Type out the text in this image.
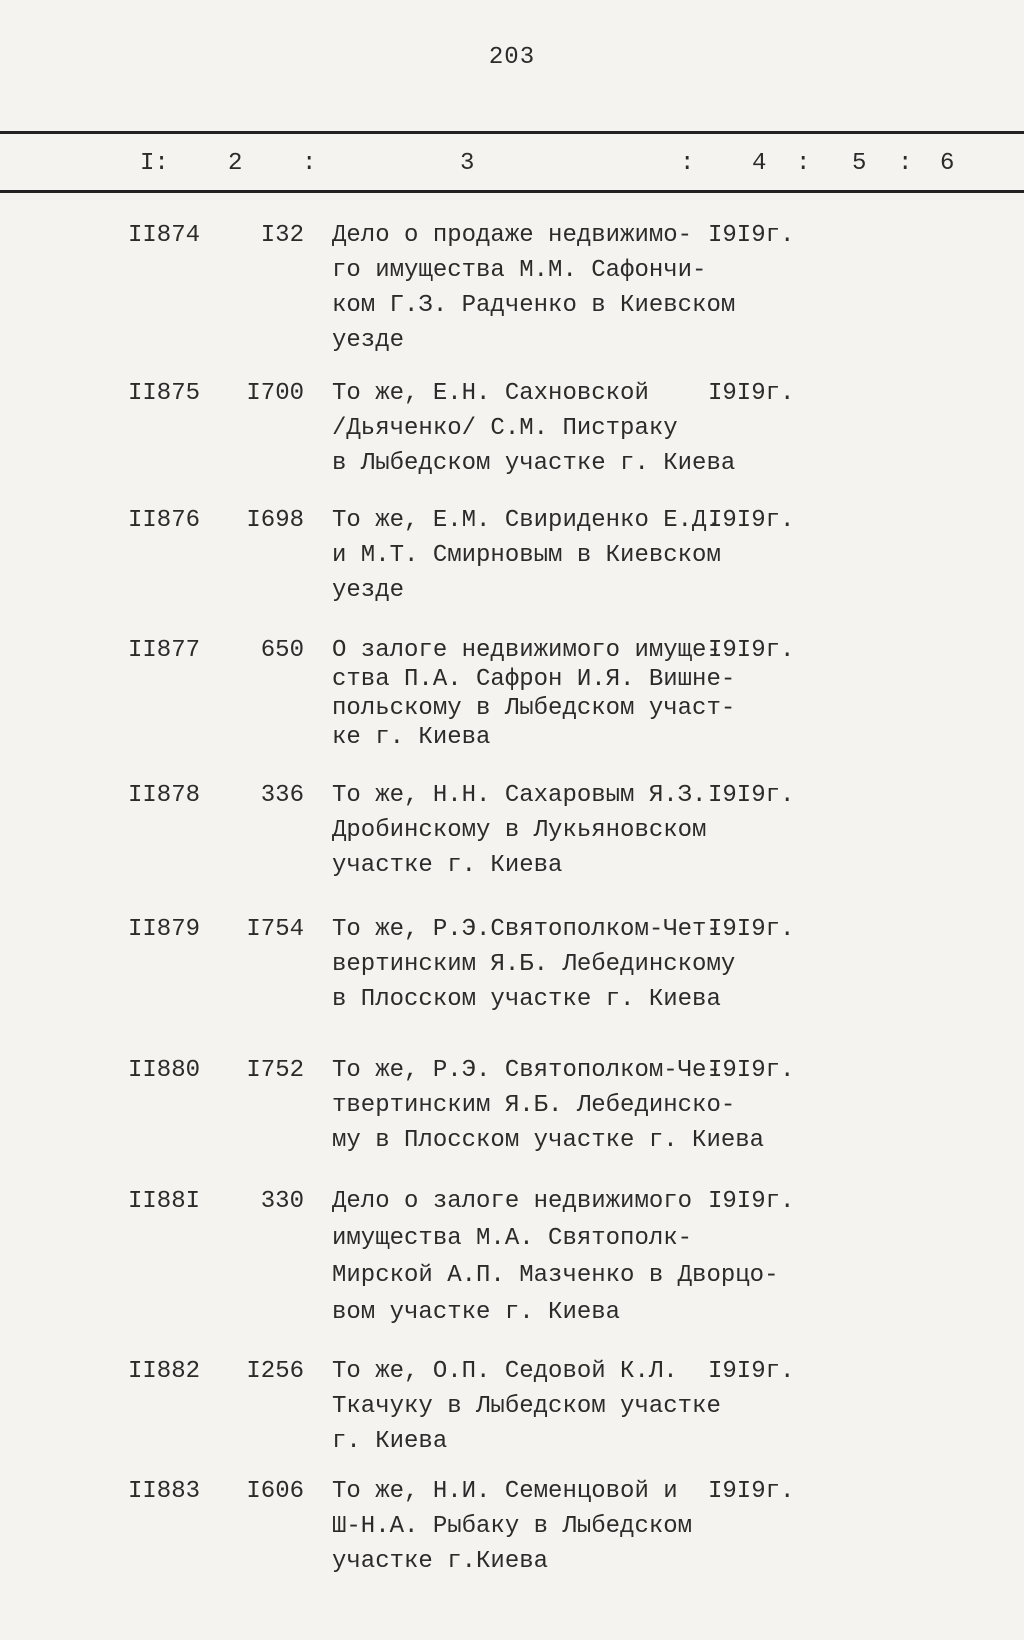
203
I: 2 :	3	: 4 : 5 : 6
II874	I32 Дело о продаже недвижимо-
го имущества М.М. Сафончи-
ком Г.З. Радченко в Киевском
уезде
I9I9г.
II875	I700 То же, Е.Н. Сахновской
/Дьяченко/ С.М. Пистраку
в Лыбедском участке г. Киева
I9I9г.
II876	I698 То же, Е.М. Свириденко Е.Д.
и М.Т. Смирновым в Киевском
уезде
I9I9г.
II877	650 О залоге недвижимого имуще-
ства П.А. Сафрон И.Я. Вишне-
польскому в Лыбедском участ-
ке г. Киева
I9I9г.
II878	336 То же, Н.Н. Сахаровым Я.З.
Дробинскому в Лукьяновском
участке г. Киева
I9I9г.
II879	I754 То же, Р.Э.Святополком-Чет-
вертинским Я.Б. Лебединскому
в Плосском участке г. Киева
I9I9г.
II880	I752 То же, Р.Э. Святополком-Че-
твертинским Я.Б. Лебединско-
му в Плосском участке г. Киева
I9I9г.
II88I	330 Дело о залоге недвижимого
имущества М.А. Святополк-
Мирской А.П. Мазченко в Дворцо-
вом участке г. Киева
I9I9г.
II882	I256 То же, О.П. Седовой К.Л.
Ткачуку в Лыбедском участке
г. Киева
I9I9г.
II883	I606 То же, Н.И. Семенцовой и
Ш-Н.А. Рыбаку в Лыбедском
участке г.Киева
I9I9г.
